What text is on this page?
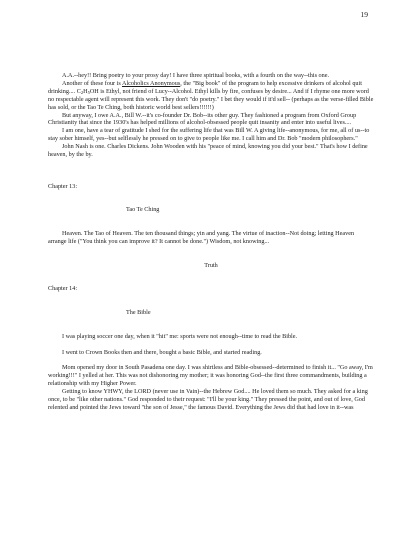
19

A.A.--hey!! Bring poetry to your prosy day! I have three spiritual books, with a fourth on the way--this one.

Another of these four is Alcoholics Anonymous, the "Big book" of the program to help excessive drinkers of alcohol quit drinking.... $C_2H_5OH$ is Ethyl, not friend of Lucy--Alcohol. Ethyl kills by fire, confuses by desire... And if I rhyme one more word no respectable agent will represent this work. They don't "do poetry." I bet they would if it'd sell-- (perhaps as the verse-filled Bible has sold, or the Tao Te Ching, both historic world best sellers!!!!!!)

But anyway, I owe A.A., Bill W.--it's co-founder Dr. Bob--its other guy. They fashioned a program from Oxford Group Christianity that since the 1930's has helped millions of alcohol-obsessed people quit insanity and enter into useful lives....

I am one, have a tear of gratitude I shed for the suffering life that was Bill W. A giving life--anonymous, for me, all of us--to stay sober himself, yes--but selflessly he pressed on to give to people like me. I call him and Dr. Bob "modern philosophers."

John Nash is one. Charles Dickens. John Wooden with his "peace of mind, knowing you did your best." That's how I define heaven, by the by.

Chapter 13:

Tao Te Ching

Heaven. The Tao of Heaven. The ten thousand things; yin and yang. The virtue of inaction--Not doing; letting Heaven arrange life ("You think you can improve it? It cannot be done.") Wisdom, not knowing...

Truth

Chapter 14:

The Bible

I was playing soccer one day, when it "hit" me: sports were not enough--time to read the Bible.

I went to Crown Books then and there, bought a basic Bible, and started reading.

Mom opened my door in South Pasadena one day. I was shirtless and Bible-obsessed--determined to finish it... "Go away, I'm working!!!" I yelled at her. This was not dishonoring my mother; it was honoring God--the first three commandments, building a relationship with my Higher Power.

Getting to know YHWY, the LORD (never use in Vain)--the Hebrew God.... He loved them so much. They asked for a king once, to be "like other nations." God responded to their request: "I'll be your king." They pressed the point, and out of love, God relented and pointed the Jews toward "the son of Jesse," the famous David. Everything the Jews did that had love in it--was
